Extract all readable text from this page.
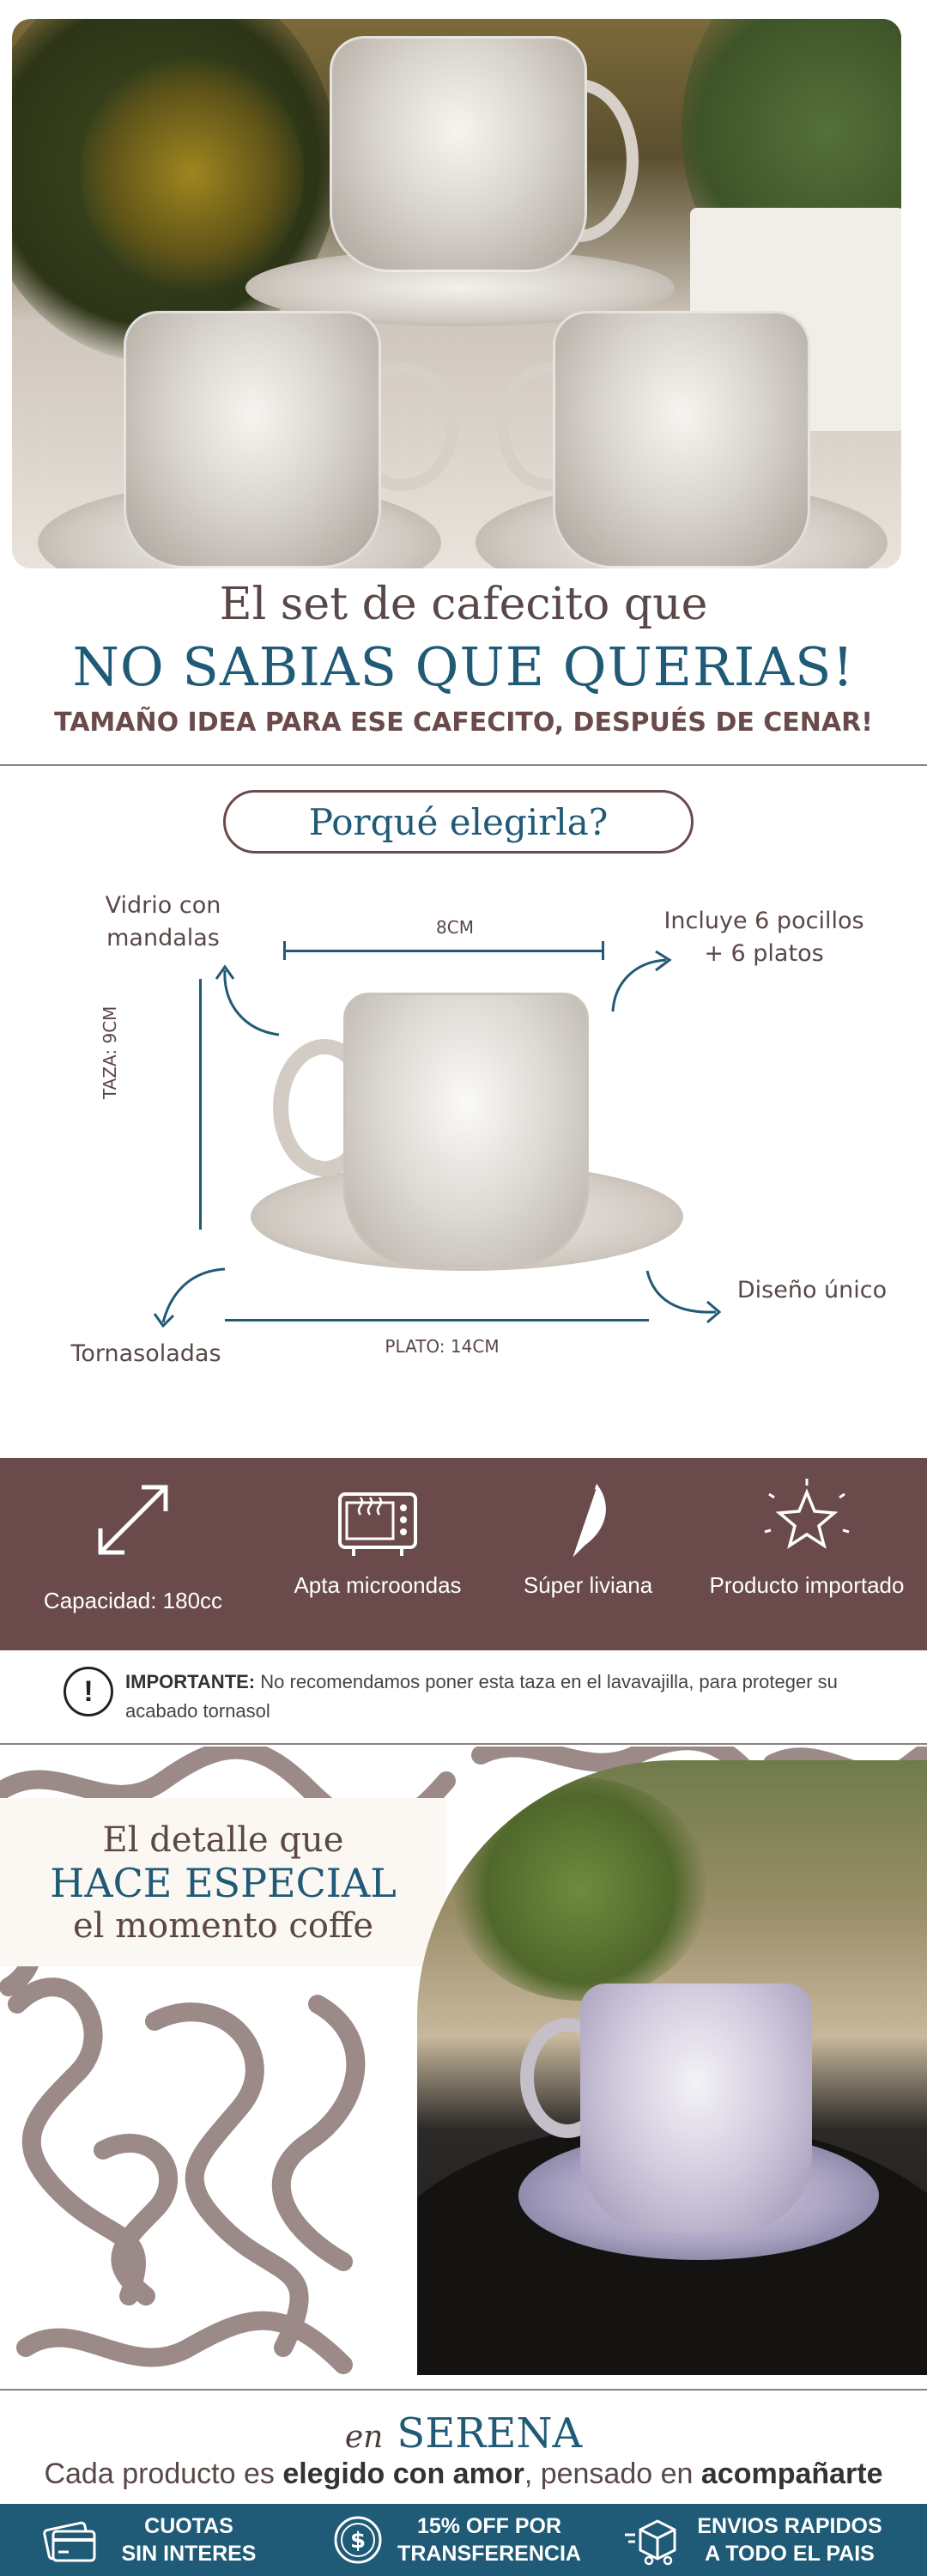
El set de cafecito que
NO SABIAS QUE QUERIAS!
TAMAÑO IDEA PARA ESE CAFECITO, DESPUÉS DE CENAR!
Porqué elegirla?
Vidrio con mandalas
Incluye 6 pocillos + 6 platos
Diseño único
Tornasoladas
8CM
TAZA: 9CM
PLATO: 14CM
Capacidad: 180cc
Apta microondas	Súper liviana	Producto importado
!	IMPORTANTE: No recomendamos poner esta taza en el lavavajilla, para proteger su acabado tornasol
El detalle que
HACE ESPECIAL
el momento coffe
en SERENA
Cada producto es elegido con amor, pensado en acompañarte
CUOTAS
SIN INTERES	$
15% OFF POR
TRANSFERENCIA
ENVIOS RAPIDOS
A TODO EL PAIS
